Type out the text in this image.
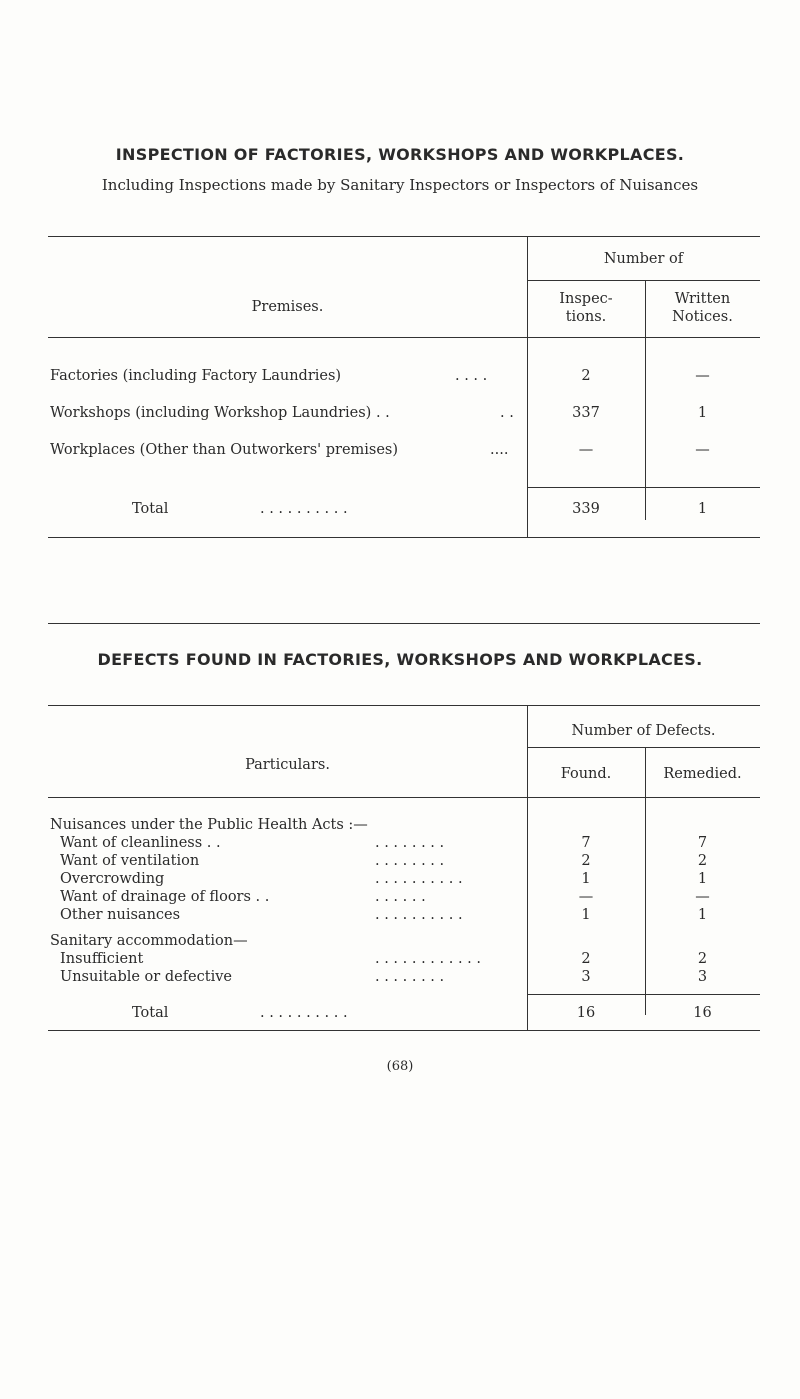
INSPECTION OF FACTORIES, WORKSHOPS AND WORKPLACES.
Including Inspections made by Sanitary Inspectors or Inspectors of Nuisances
Number of
Premises.	Inspec-
tions.
Written
Notices.
Factories (including Factory Laundries)	. . . .	2	—
Workshops (including Workshop Laundries) . .	. .	337	1
Workplaces (Other than Outworkers' premises)	....	—	—
Total	. . . . . . . . . .	339	1
DEFECTS FOUND IN FACTORIES, WORKSHOPS AND WORKPLACES.
Number of Defects.
Particulars.
Found.	Remedied.
Nuisances under the Public Health Acts :—
Want of cleanliness . .	. . . . . . . .	7	7
Want of ventilation	. . . . . . . .	2	2
Overcrowding	. . . . . . . . . .	1	1
Want of drainage of floors . .	. . . . . .	—	—
Other nuisances	. . . . . . . . . .	1	1
Sanitary accommodation—
Insufficient	. . . . . . . . . . . .	2	2
Unsuitable or defective	. . . . . . . .	3	3
Total	. . . . . . . . . .	16	16
(68)
